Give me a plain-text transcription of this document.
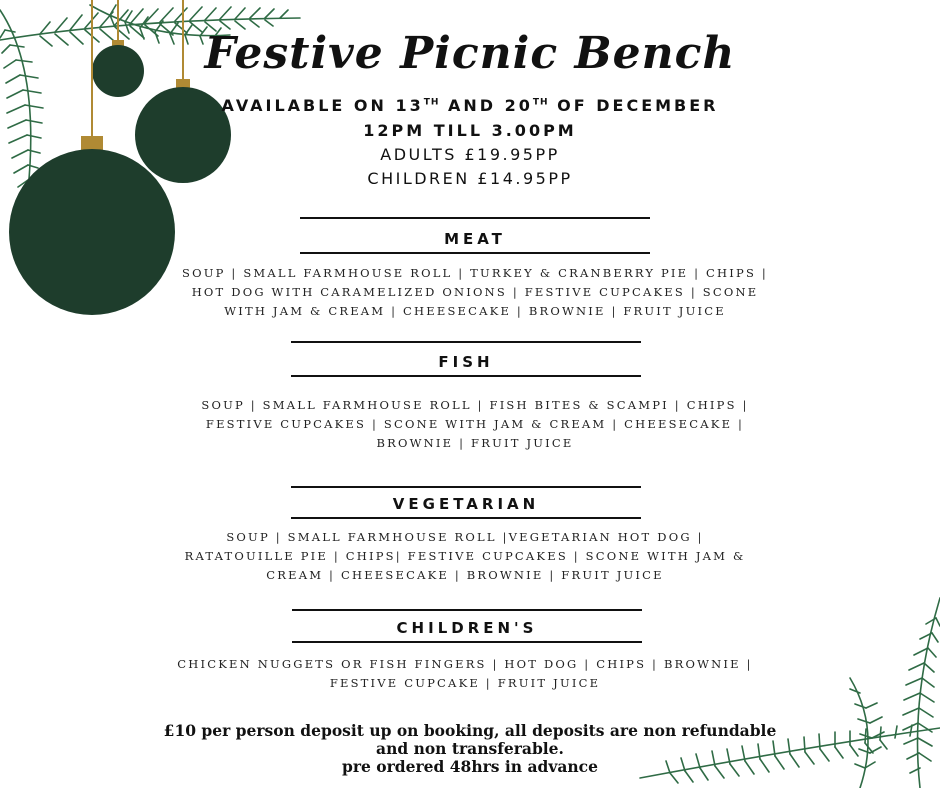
Festive Picnic Bench
AVAILABLE ON 13TH AND 20TH OF DECEMBER
12PM TILL 3.00PM
ADULTS £19.95PP
CHILDREN £14.95PP
MEAT
SOUP | SMALL FARMHOUSE ROLL | TURKEY & CRANBERRY PIE | CHIPS |
HOT DOG WITH CARAMELIZED ONIONS | FESTIVE CUPCAKES | SCONE
WITH JAM & CREAM | CHEESECAKE | BROWNIE | FRUIT JUICE
FISH
SOUP | SMALL FARMHOUSE ROLL | FISH BITES & SCAMPI | CHIPS |
FESTIVE CUPCAKES | SCONE WITH JAM & CREAM | CHEESECAKE |
BROWNIE | FRUIT JUICE
VEGETARIAN
SOUP | SMALL FARMHOUSE ROLL |VEGETARIAN HOT DOG |
RATATOUILLE PIE | CHIPS| FESTIVE CUPCAKES | SCONE WITH JAM &
CREAM | CHEESECAKE | BROWNIE | FRUIT JUICE
CHILDREN'S
CHICKEN NUGGETS OR FISH FINGERS | HOT DOG | CHIPS | BROWNIE |
FESTIVE CUPCAKE | FRUIT JUICE
£10 per person deposit up on booking, all deposits are non refundable
and non transferable.
pre ordered 48hrs in advance
